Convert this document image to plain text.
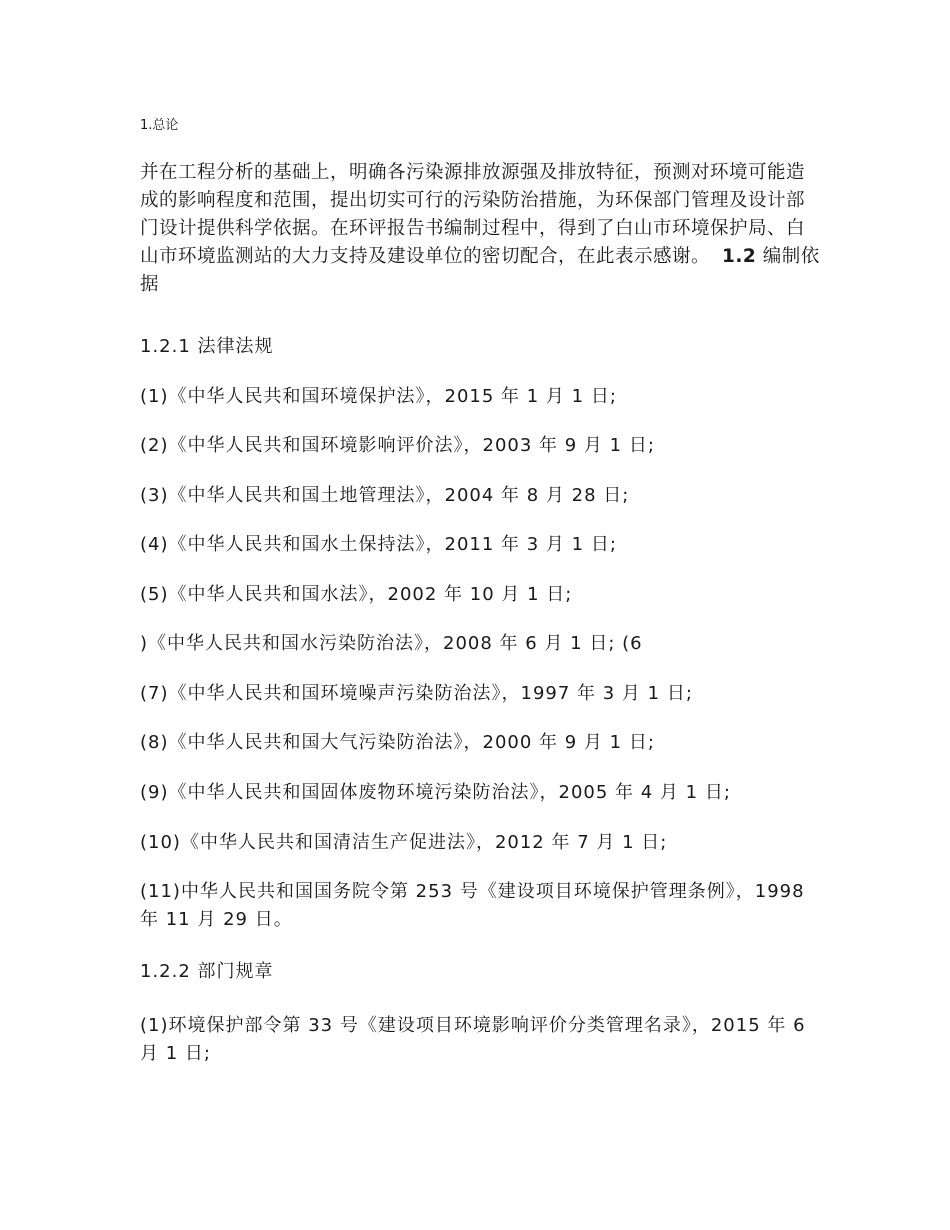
1.总论
并在工程分析的基础上，明确各污染源排放源强及排放特征，预测对环境可能造成的影响程度和范围，提出切实可行的污染防治措施，为环保部门管理及设计部门设计提供科学依据。在环评报告书编制过程中，得到了白山市环境保护局、白山市环境监测站的大力支持及建设单位的密切配合，在此表示感谢。 1.2 编制依据
1.2.1 法律法规
(1)《中华人民共和国环境保护法》，2015 年 1 月 1 日;
(2)《中华人民共和国环境影响评价法》，2003 年 9 月 1 日;
(3)《中华人民共和国土地管理法》，2004 年 8 月 28 日;
(4)《中华人民共和国水土保持法》，2011 年 3 月 1 日;
(5)《中华人民共和国水法》，2002 年 10 月 1 日;
)《中华人民共和国水污染防治法》，2008 年 6 月 1 日; (6
(7)《中华人民共和国环境噪声污染防治法》，1997 年 3 月 1 日;
(8)《中华人民共和国大气污染防治法》，2000 年 9 月 1 日;
(9)《中华人民共和国固体废物环境污染防治法》，2005 年 4 月 1 日;
(10)《中华人民共和国清洁生产促进法》，2012 年 7 月 1 日;
(11)中华人民共和国国务院令第 253 号《建设项目环境保护管理条例》，1998 年 11 月 29 日。
1.2.2 部门规章
(1)环境保护部令第 33 号《建设项目环境影响评价分类管理名录》，2015 年 6 月 1 日;
